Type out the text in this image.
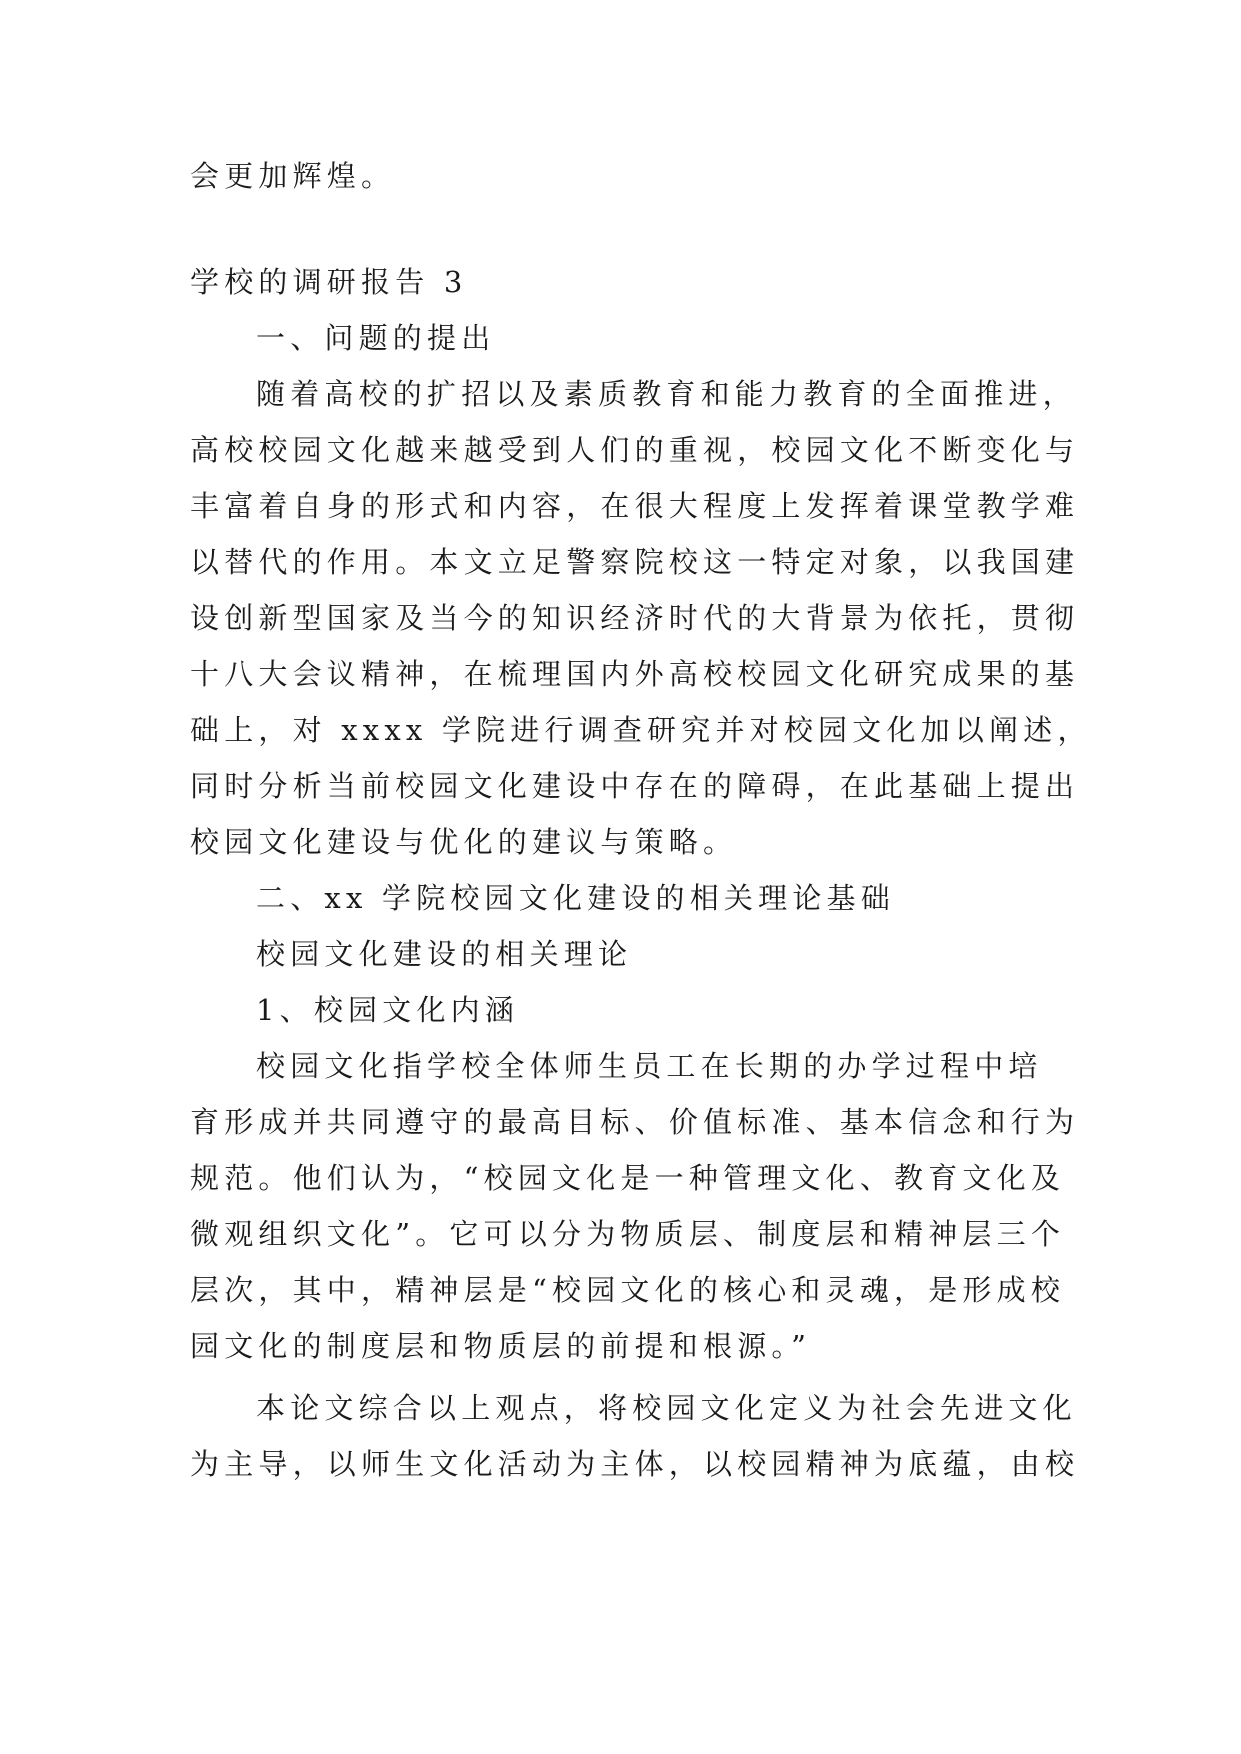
会更加辉煌。

学校的调研报告 3

一、问题的提出

随着高校的扩招以及素质教育和能力教育的全面推进，

高校校园文化越来越受到人们的重视，校园文化不断变化与

丰富着自身的形式和内容，在很大程度上发挥着课堂教学难

以替代的作用。本文立足警察院校这一特定对象，以我国建

设创新型国家及当今的知识经济时代的大背景为依托，贯彻

十八大会议精神，在梳理国内外高校校园文化研究成果的基

础上，对 xxxx 学院进行调查研究并对校园文化加以阐述，

同时分析当前校园文化建设中存在的障碍，在此基础上提出

校园文化建设与优化的建议与策略。

二、xx 学院校园文化建设的相关理论基础

校园文化建设的相关理论

1、校园文化内涵

校园文化指学校全体师生员工在长期的办学过程中培

育形成并共同遵守的最高目标、价值标准、基本信念和行为

规范。他们认为，“校园文化是一种管理文化、教育文化及

微观组织文化”。它可以分为物质层、制度层和精神层三个

层次，其中，精神层是“校园文化的核心和灵魂，是形成校

园文化的制度层和物质层的前提和根源。”

本论文综合以上观点，将校园文化定义为社会先进文化

为主导，以师生文化活动为主体，以校园精神为底蕴，由校
